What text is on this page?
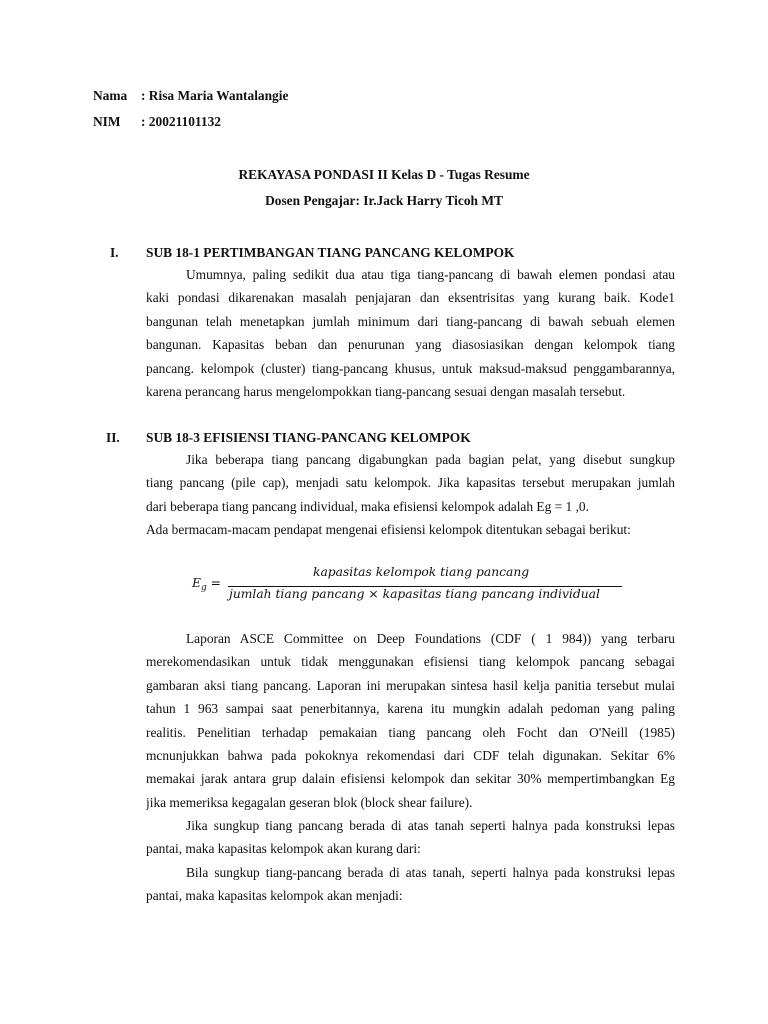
Nama : Risa Maria Wantalangie
NIM : 20021101132
REKAYASA PONDASI II Kelas D - Tugas Resume
Dosen Pengajar: Ir.Jack Harry Ticoh MT
I. SUB 18-1 PERTIMBANGAN TIANG PANCANG KELOMPOK
Umumnya, paling sedikit dua atau tiga tiang-pancang di bawah elemen pondasi atau
kaki pondasi dikarenakan masalah penjajaran dan eksentrisitas yang kurang baik. Kode1
bangunan telah menetapkan jumlah minimum dari tiang-pancang di bawah sebuah elemen
bangunan. Kapasitas beban dan penurunan yang diasosiasikan dengan kelompok tiang
pancang. kelompok (cluster) tiang-pancang khusus, untuk maksud-maksud penggambarannya,
karena perancang harus mengelompokkan tiang-pancang sesuai dengan masalah tersebut.
II. SUB 18-3 EFISIENSI TIANG-PANCANG KELOMPOK
Jika beberapa tiang pancang digabungkan pada bagian pelat, yang disebut sungkup
tiang pancang (pile cap), menjadi satu kelompok. Jika kapasitas tersebut merupakan jumlah
dari beberapa tiang pancang individual, maka efisiensi kelompok adalah Eg = 1 ,0.
Ada bermacam-macam pendapat mengenai efisiensi kelompok ditentukan sebagai berikut:
$E_g$ =
kapasitas kelompok tiang pancang
jumlah tiang pancang × kapasitas tiang pancang individual
Laporan ASCE Committee on Deep Foundations (CDF ( 1 984)) yang terbaru
merekomendasikan untuk tidak menggunakan efisiensi tiang kelompok pancang sebagai
gambaran aksi tiang pancang. Laporan ini merupakan sintesa hasil kelja panitia tersebut mulai
tahun 1 963 sampai saat penerbitannya, karena itu mungkin adalah pedoman yang paling
realitis. Penelitian terhadap pemakaian tiang pancang oleh Focht dan O'Neill (1985)
mcnunjukkan bahwa pada pokoknya rekomendasi dari CDF telah digunakan. Sekitar 6%
memakai jarak antara grup dalain efisiensi kelompok dan sekitar 30% mempertimbangkan Eg
jika memeriksa kegagalan geseran blok (block shear failure).
Jika sungkup tiang pancang berada di atas tanah seperti halnya pada konstruksi lepas
pantai, maka kapasitas kelompok akan kurang dari:
Bila sungkup tiang-pancang berada di atas tanah, seperti halnya pada konstruksi lepas
pantai, maka kapasitas kelompok akan menjadi:
